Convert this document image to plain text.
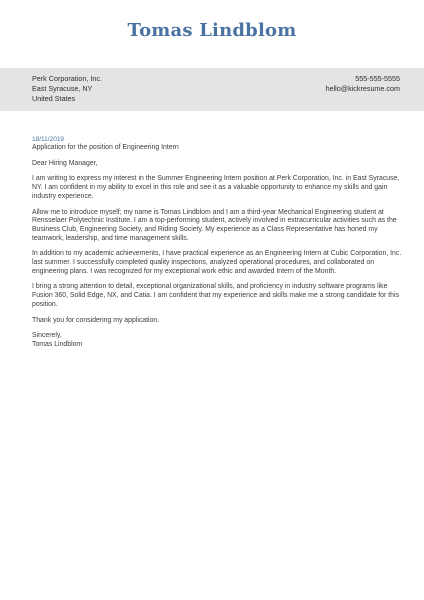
Tomas Lindblom
Perk Corporation, Inc.
East Syracuse, NY
United States
555-555-5555
hello@kickresume.com
18/11/2019
Application for the position of Engineering Intern

Dear Hiring Manager,

I am writing to express my interest in the Summer Engineering Intern position at Perk Corporation, Inc. in East Syracuse, NY. I am confident in my ability to excel in this role and see it as a valuable opportunity to enhance my skills and gain industry experience.

Allow me to introduce myself; my name is Tomas Lindblom and I am a third-year Mechanical Engineering student at Rensselaer Polytechnic Institute. I am a top-performing student, actively involved in extracurricular activities such as the Business Club, Engineering Society, and Riding Society. My experience as a Class Representative has honed my teamwork, leadership, and time management skills.

In addition to my academic achievements, I have practical experience as an Engineering Intern at Cubic Corporation, Inc. last summer. I successfully completed quality inspections, analyzed operational procedures, and collaborated on engineering plans. I was recognized for my exceptional work ethic and awarded Intern of the Month.

I bring a strong attention to detail, exceptional organizational skills, and proficiency in industry software programs like Fusion 360, Solid Edge, NX, and Catia. I am confident that my experience and skills make me a strong candidate for this position.

Thank you for considering my application.

Sincerely,
Tomas Lindblom
